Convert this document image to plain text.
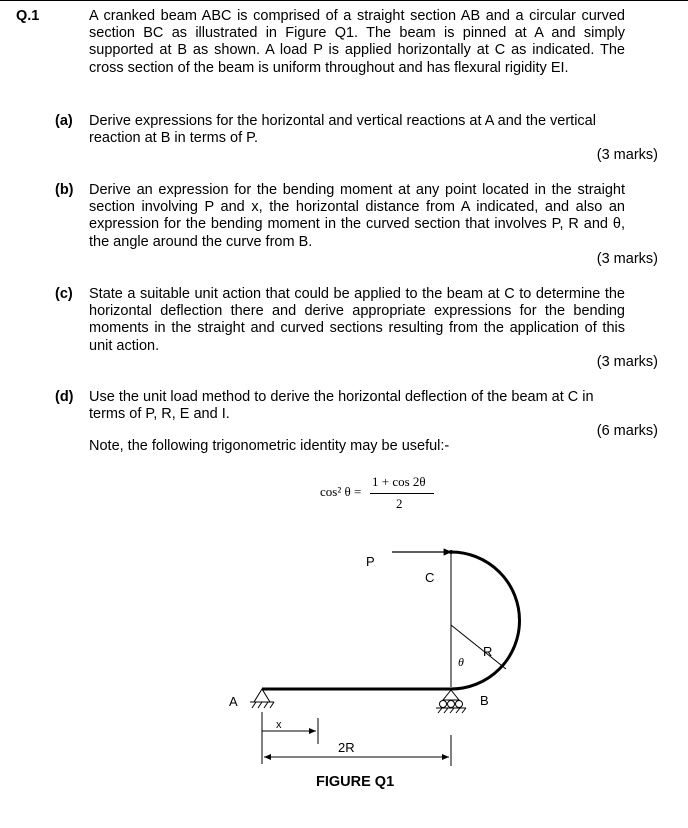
Q.1	A cranked beam ABC is comprised of a straight section AB and a circular curved section BC as illustrated in Figure Q1. The beam is pinned at A and simply supported at B as shown. A load P is applied horizontally at C as indicated. The cross section of the beam is uniform throughout and has flexural rigidity EI.
(a) Derive expressions for the horizontal and vertical reactions at A and the vertical reaction at B in terms of P.
(3 marks)
(b) Derive an expression for the bending moment at any point located in the straight section involving P and x, the horizontal distance from A indicated, and also an expression for the bending moment in the curved section that involves P, R and θ, the angle around the curve from B.
(3 marks)
(c) State a suitable unit action that could be applied to the beam at C to determine the horizontal deflection there and derive appropriate expressions for the bending moments in the straight and curved sections resulting from the application of this unit action.
(3 marks)
(d) Use the unit load method to derive the horizontal deflection of the beam at C in terms of P, R, E and I.
(6 marks)
Note, the following trigonometric identity may be useful:-
cos² θ =
1 + cos 2θ
2
A	B
C
P
R
θ
x
2R
FIGURE Q1
